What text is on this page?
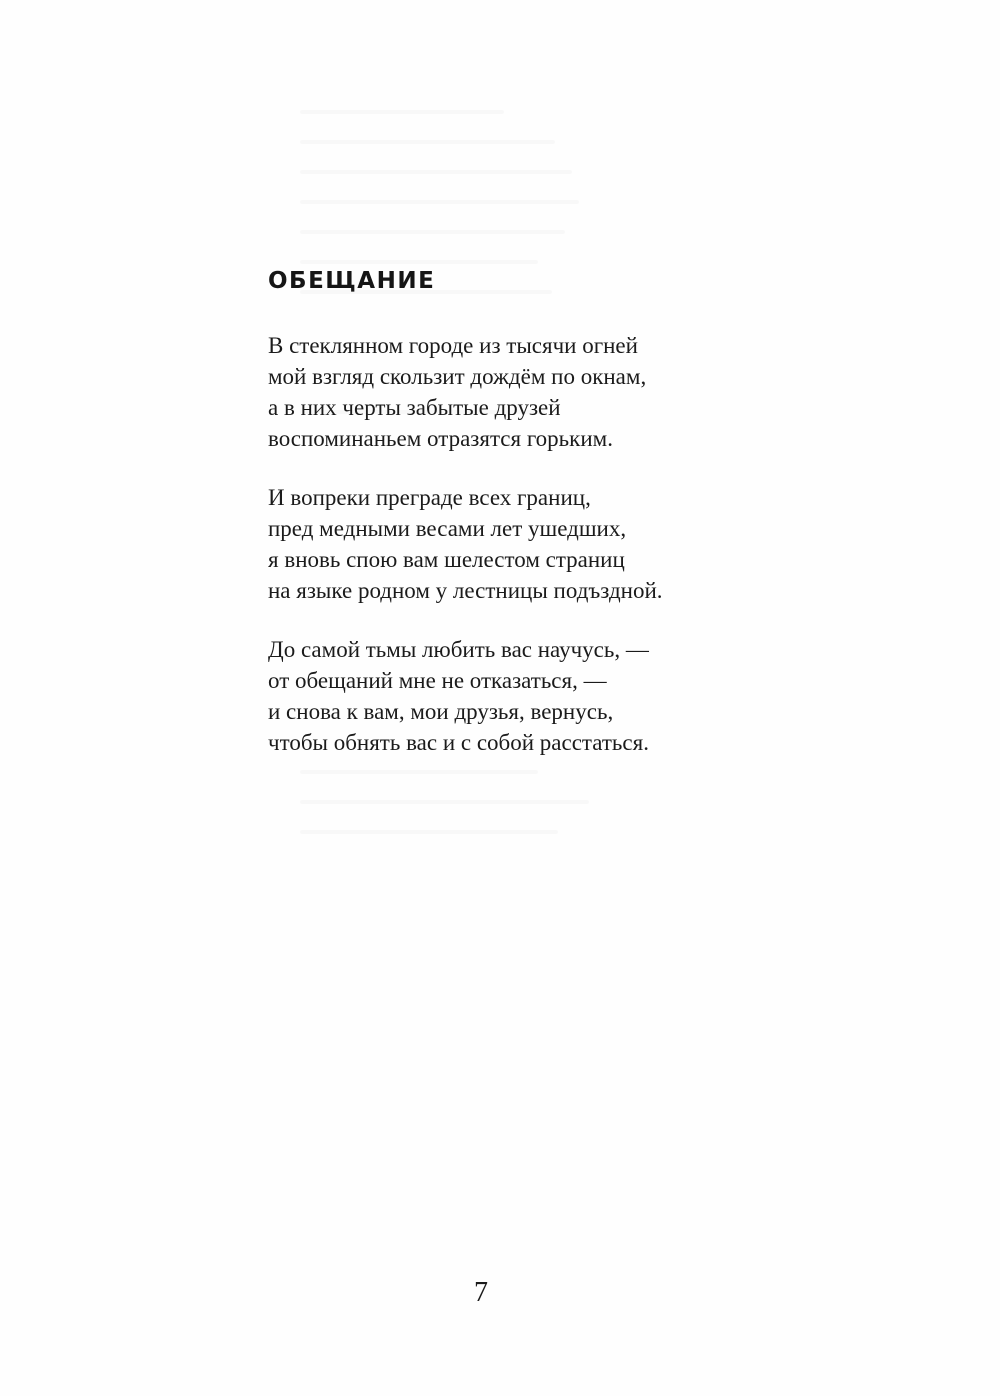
ОБЕЩАНИЕ
В стеклянном городе из тысячи огней
мой взгляд скользит дождём по окнам,
а в них черты забытые друзей
воспоминаньем отразятся горьким.
И вопреки преграде всех границ,
пред медными весами лет ушедших,
я вновь спою вам шелестом страниц
на языке родном у лестницы подъздной.
До самой тьмы любить вас научусь, —
от обещаний мне не отказаться, —
и снова к вам, мои друзья, вернусь,
чтобы обнять вас и с собой расстаться.
7
